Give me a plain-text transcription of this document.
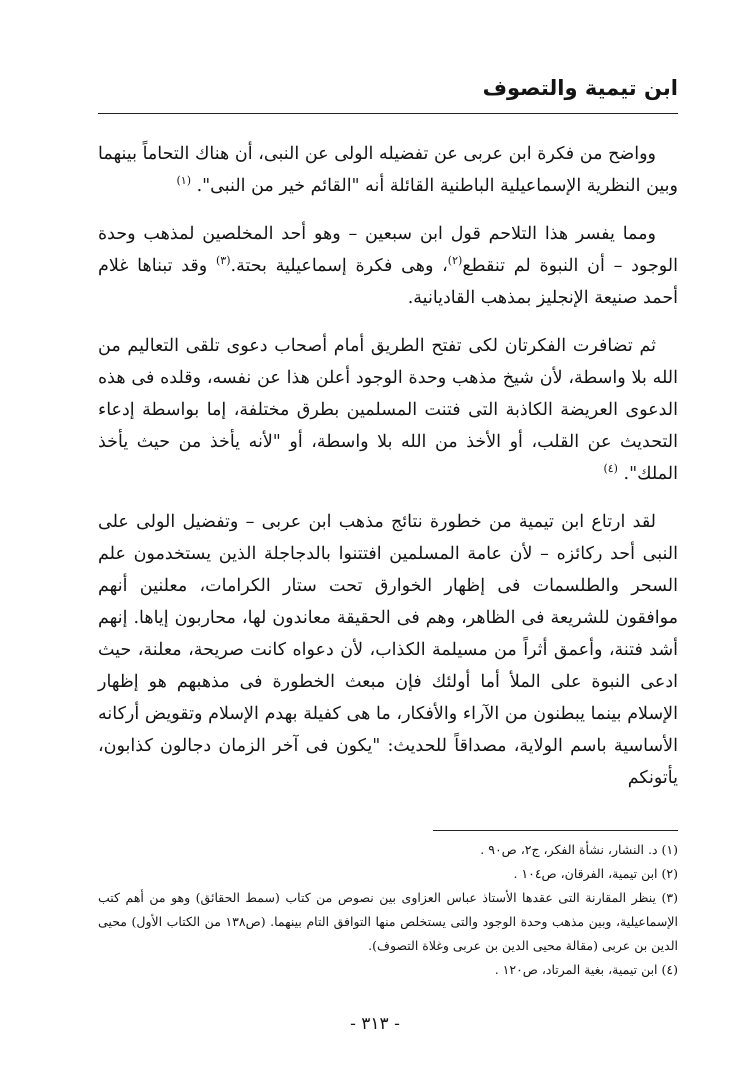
ابن تيمية والتصوف

وواضح من فكرة ابن عربى عن تفضيله الولى عن النبى، أن هناك التحاماً بينهما وبين النظرية الإسماعيلية الباطنية القائلة أنه "القائم خير من النبى". $^{(١)}$

ومما يفسر هذا التلاحم قول ابن سبعين – وهو أحد المخلصين لمذهب وحدة الوجود – أن النبوة لم تنقطع$^{(٢)}$، وهى فكرة إسماعيلية بحتة.$^{(٣)}$ وقد تبناها غلام أحمد صنيعة الإنجليز بمذهب القاديانية.

ثم تضافرت الفكرتان لكى تفتح الطريق أمام أصحاب دعوى تلقى التعاليم من الله بلا واسطة، لأن شيخ مذهب وحدة الوجود أعلن هذا عن نفسه، وقلده فى هذه الدعوى العريضة الكاذبة التى فتنت المسلمين بطرق مختلفة، إما بواسطة إدعاء التحديث عن القلب، أو الأخذ من الله بلا واسطة، أو "لأنه يأخذ من حيث يأخذ الملك". $^{(٤)}$

لقد ارتاع ابن تيمية من خطورة نتائج مذهب ابن عربى – وتفضيل الولى على النبى أحد ركائزه – لأن عامة المسلمين افتتنوا بالدجاجلة الذين يستخدمون علم السحر والطلسمات فى إظهار الخوارق تحت ستار الكرامات، معلنين أنهم موافقون للشريعة فى الظاهر، وهم فى الحقيقة معاندون لها، محاربون إياها. إنهم أشد فتنة، وأعمق أثراً من مسيلمة الكذاب، لأن دعواه كانت صريحة، معلنة، حيث ادعى النبوة على الملأ أما أولئك فإن مبعث الخطورة فى مذهبهم هو إظهار الإسلام بينما يبطنون من الآراء والأفكار، ما هى كفيلة بهدم الإسلام وتقويض أركانه الأساسية باسم الولاية، مصداقاً للحديث: "يكون فى آخر الزمان دجالون كذابون، يأتونكم

(١) د. النشار، نشأة الفكر، ج٢، ص٩٠ .

(٢) ابن تيمية، الفرقان، ص١٠٤ .

(٣) ينظر المقارنة التى عقدها الأستاذ عباس العزاوى بين نصوص من كتاب (سمط الحقائق) وهو من أهم كتب الإسماعيلية، وبين مذهب وحدة الوجود والتى يستخلص منها التوافق التام بينهما. (ص١٣٨ من الكتاب الأول) محيى الدين بن عربى (مقالة محيى الدين بن عربى وغلاة التصوف).

(٤) ابن تيمية، بغية المرتاد، ص١٢٠ .

- ٣١٣ -
